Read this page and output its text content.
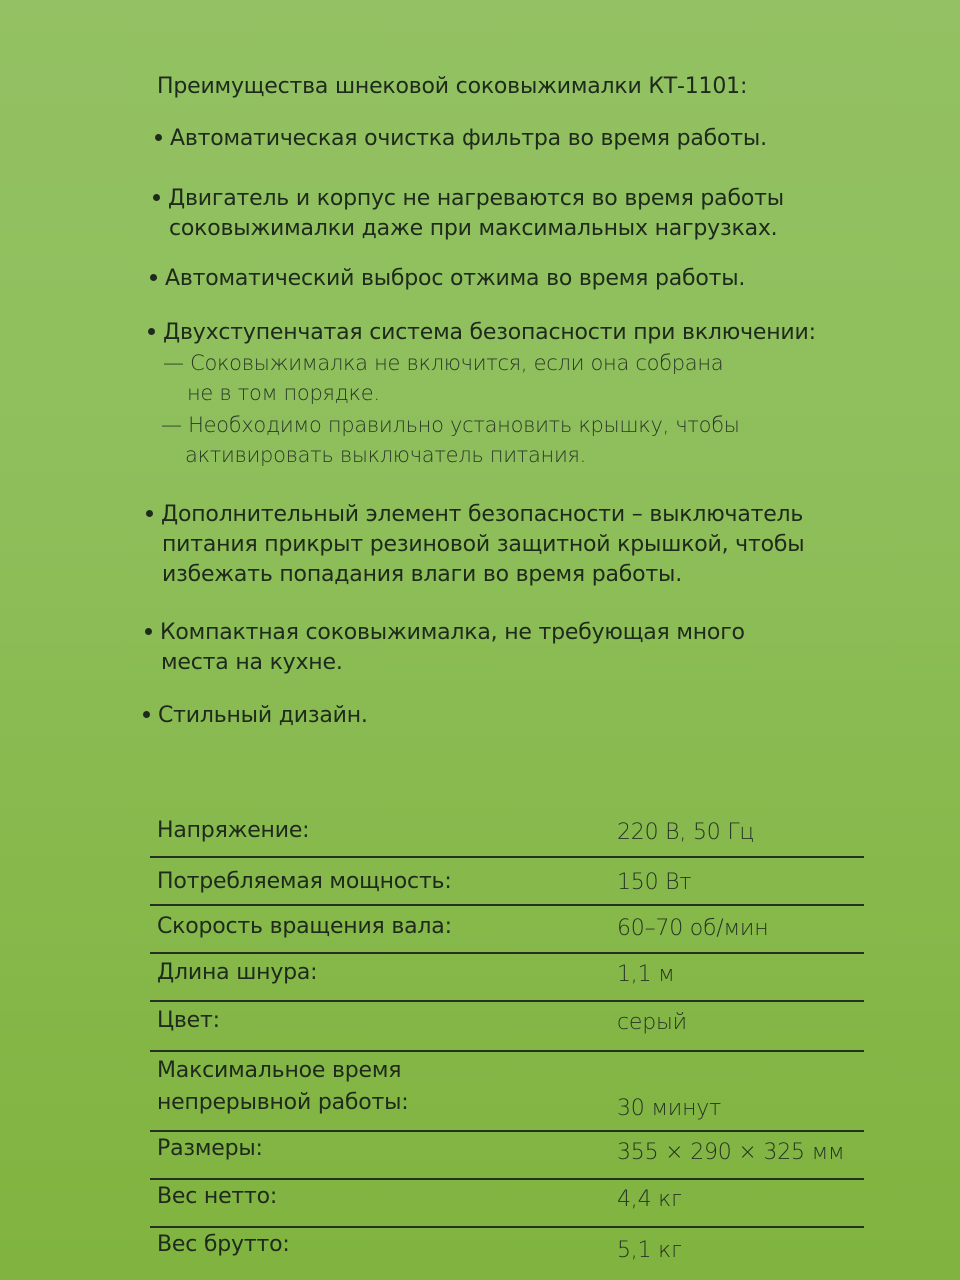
Преимущества шнековой соковыжималки КТ-1101:
Автоматическая очистка фильтра во время работы.
Двигатель и корпус не нагреваются во время работы
соковыжималки даже при максимальных нагрузках.
Автоматический выброс отжима во время работы.
Двухступенчатая система безопасности при включении:
— Соковыжималка не включится, если она собрана
не в том порядке.
— Необходимо правильно установить крышку, чтобы
активировать выключатель питания.
Дополнительный элемент безопасности – выключатель
питания прикрыт резиновой защитной крышкой, чтобы
избежать попадания влаги во время работы.
Компактная соковыжималка, не требующая много
места на кухне.
Стильный дизайн.
Напряжение:	220 В, 50 Гц
Потребляемая мощность:	150 Вт
Скорость вращения вала:	60–70 об/мин
Длина шнура:	1,1 м
Цвет:	серый
Максимальное время
непрерывной работы:	30 минут
Размеры:	355 × 290 × 325 мм
Вес нетто:	4,4 кг
Вес брутто:	5,1 кг
